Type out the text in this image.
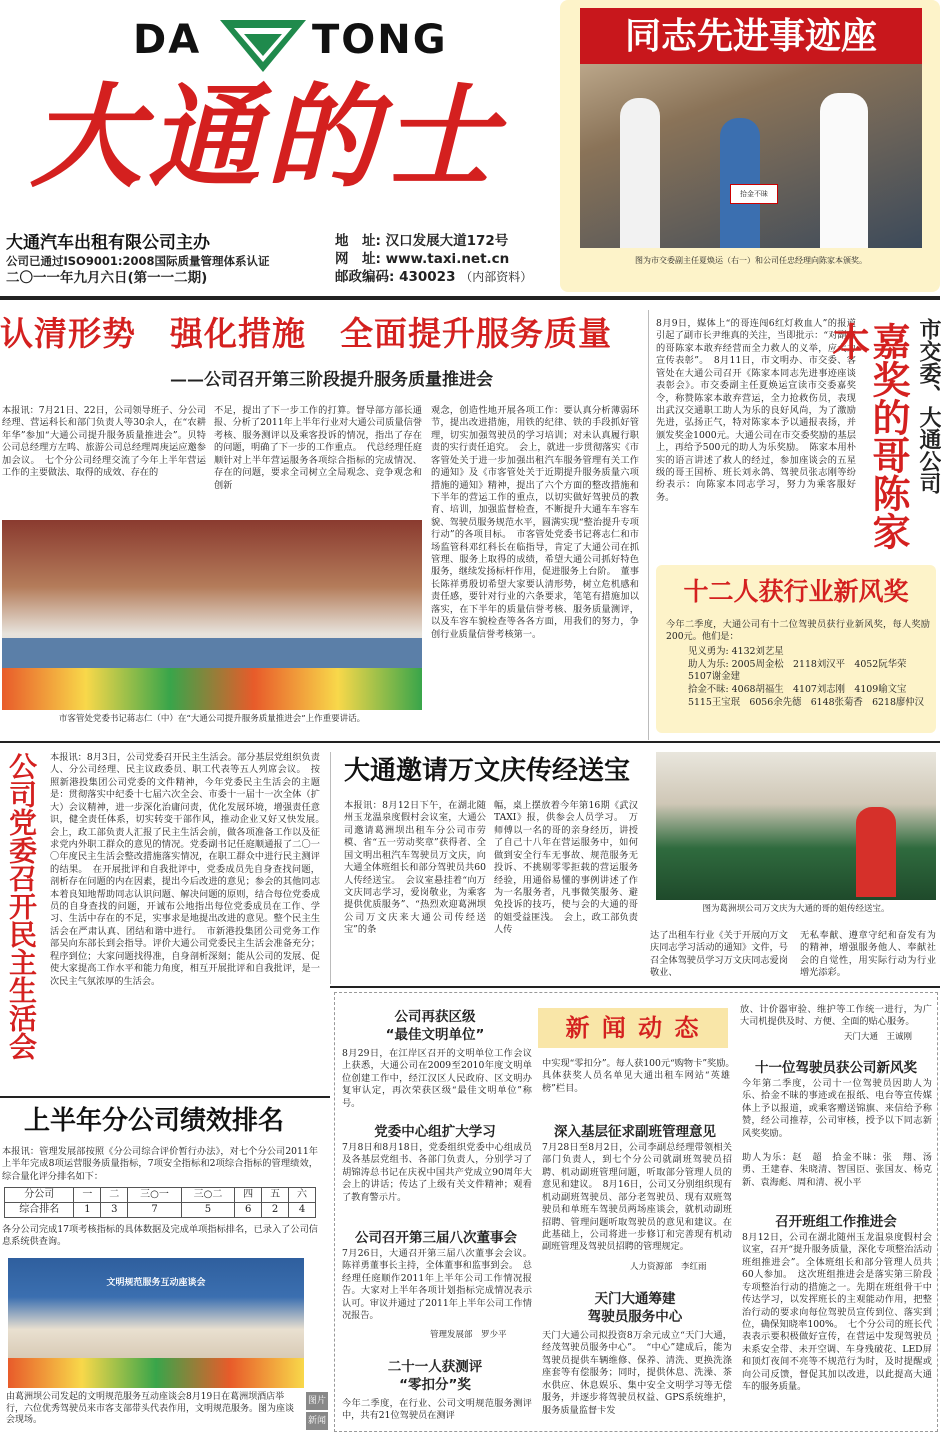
DA	TONG
大通的士
大通汽车出租有限公司主办
公司已通过ISO9001:2008国际质量管理体系认证
二〇一一年九月六日(第一一二期)
地　址: 汉口发展大道172号
网　址: www.taxi.net.cn
邮政编码: 430023 （内部资料）
同志先进事迹座
拾金不昧
图为市交委副主任夏焕运（右一）和公司任忠经理向陈家本颁奖。
认清形势　强化措施　全面提升服务质量
——公司召开第三阶段提升服务质量推进会
本报讯：7月21日、22日，公司领导班子、分公司经理、营运科长和部门负责人等30余人，在“农耕年华”参加“大通公司提升服务质量推进会”。贝特公司总经理方左鸣、旅游公司总经理周庚运应邀参加会议。　七个分公司经理交流了今年上半年营运工作的主要做法、取得的成效、存在的
不足，提出了下一步工作的打算。督导部方部长通报、分析了2011年上半年行业对大通公司质量信誉考核、服务测评以及乘客投诉的情况，指出了存在的问题，明确了下一步的工作重点。　代总经理任庭顺针对上半年营运服务各项综合指标的完成情况、存在的问题，要求全司树立全局观念、竞争观念和创新
观念，创造性地开展各项工作：要认真分析薄弱环节，提出改进措施，用铁的纪律、铁的手段抓好管理，切实加强驾驶员的学习培训；对未认真履行职责的实行责任追究。　会上，就进一步贯彻落实《市客管处关于进一步加强出租汽车服务管理有关工作的通知》及《市客管处关于近期提升服务质量六项措施的通知》精神，提出了六个方面的整改措施和下半年的营运工作的重点，以切实做好驾驶员的教育、培训，加强监督检查，不断提升大通车车容车貌、驾驶员服务规范水平，圆满实现“整治提升专项行动”的各项目标。　市客管处党委书记蒋志仁和市场监管科邓红科长在临指导，肯定了大通公司在抓管理、服务上取得的成绩，希望大通公司抓好特色服务，继续发扬标杆作用，促进服务上台阶。　董事长陈祥勇殷切希望大家要认清形势，树立危机感和责任感，要针对行业的六条要求，笔笔有措施加以落实，在下半年的质量信誉考核、服务质量测评，以及车容车貌检查等各各方面，用我们的努力，争创行业质量信誉考核第一。
市客管处党委书记蒋志仁（中）在“大通公司提升服务质量推进会”上作重要讲话。
8月9日，媒体上“的哥连闯6红灯救血人”的报道引起了副市长尹维真的关注，当即批示：“对副班的哥陈家本敢弃经营而全力救人的义举，应大力宣传表彰”。　8月11日，市文明办、市交委、客管处在大通公司召开《陈家本同志先进事迹座谈表彰会》。市交委副主任夏焕运宣读市交委嘉奖令，称赞陈家本敢弃营运，全力抢救伤员，表现出武汉交通职工助人为乐的良好风尚，为了激励先进，弘扬正气，特对陈家本予以通报表扬，并颁发奖金1000元。大通公司在市交委奖励的基层上，再给予500元的助人为乐奖励。　陈家本用朴实的语言讲述了救人的经过，参加座谈会的五星级的哥王国桥、班长刘永鸽、驾驶员张志刚等纷纷表示：向陈家本同志学习，努力为乘客服好务。	嘉奖的哥陈家本	市交委、大通公司
十二人获行业新风奖
今年二季度，大通公司有十二位驾驶员获行业新风奖，每人奖励200元。他们是：
见义勇为: 4132刘艺星
助人为乐: 2005周金松　2118刘汉平　4052阮华荣　5107谢金建
拾金不昧: 4068胡福生　4107刘志刚　4109喻文宝　5115王宝珉　6056余先德　6148张菊香　6218廖仲汉
公司党委召开民主生活会 本报讯：8月3日，公司党委召开民主生活会。部分基层党组织负责人、分公司经理、民主议政委员、职工代表等五人列席会议。　按照新港投集团公司党委的文件精神，今年党委民主生活会的主题是：贯彻落实中纪委十七届六次全会、市委十一届十一次全体（扩大）会议精神，进一步深化治庸问责，优化发展环境，增强责任意识，健全责任体系，切实转变干部作风，推动企业又好又快发展。　会上，政工部负责人汇报了民主生活会前，做各项准备工作以及征求党内外职工群众的意见的情况。党委副书记任庭顺通报了二〇一〇年度民主生活会整改措施落实情况，在职工群众中进行民主测评的结果。　在开展批评和自我批评中，党委成员先自身查找问题，剖析存在问题的内在因素，提出今后改进的意见；参会的其他同志本着良知地帮助同志认识问题、解决问题的原则，结合每位党委成员的自身查找的问题，开诚布公地指出每位党委成员在工作、学习、生活中存在的不足，实事求是地提出改进的意见。整个民主生活会在严肃认真、团结和谐中进行。　市新港投集团公司党务工作部吴向东部长到会指导。评价大通公司党委民主生活会准备充分；程序到位；大家问题找得准，自身剖析深刻；能从公司的发展、促使大家提高工作水平和能力角度，相互开展批评和自我批评，是一次民主气氛浓厚的生活会。
大通邀请万文庆传经送宝
本报讯：8月12日下午，在湖北随州玉龙温泉度假村会议室，大通公司邀请葛洲坝出租车分公司市劳模、省“五一劳动奖章”获得者、全国文明出租汽车驾驶员万文庆，向大通全体班组长和部分驾驶员共60人传经送宝。　会议室悬挂着“向万文庆同志学习，爱岗敬业，为乘客提供优质服务”、“热烈欢迎葛洲坝公司万文庆来大通公司传经送宝”的条
幅，桌上摆放着今年第16期《武汉TAXI》报，供参会人员学习。　万师傅以一名的哥的亲身经历，讲授了自己十八年在营运服务中，如何做到安全行车无事故、规范服务无投诉、不挑剔零零拒载的营运服务经验，用通俗易懂的事例讲述了作为一名服务者，凡事微笑服务、避免投诉的技巧，使与会的大通的哥的姐受益匪浅。　会上，政工部负责人传
图为葛洲坝公司万文庆为大通的哥的姐传经送宝。
达了出租车行业《关于开展向万文庆同志学习活动的通知》文件，号召全体驾驶员学习万文庆同志爱岗敬业、
无私奉献、遵章守纪和奋发有为的精神，增强服务他人、奉献社会的自觉性，用实际行动为行业增光添彩。
上半年分公司绩效排名
本报讯：管理发展部按照《分公司综合评价暂行办法》，对七个分公司2011年上半年完成8项运营服务质量指标，7项安全指标和2项综合指标的管理绩效，综合量化评分排名如下：
分公司	一	二	三○一	三○二	四	五	六
综合排名	1	3	7	5	6	2	4
各分公司完成17项考核指标的具体数据及完成单项指标排名，已录入了公司信息系统供查询。
文明规范服务互动座谈会
图片
新闻
由葛洲坝公司发起的文明规范服务互动座谈会8月19日在葛洲坝酒店举行，六位优秀驾驶员来市客支部带头代表作用，文明规范服务。图为座谈会现场。
公司再获区级
“最佳文明单位”
8月29日，在江岸区召开的文明单位工作会议上获悉，大通公司在2009至2010年度文明单位创建工作中，经江汉区人民政府、区文明办复审认定，再次荣获区级“最佳文明单位”称号。
党委中心组扩大学习
7月8日和8月18日，党委组织党委中心组成员及各基层党组书、各部门负责人，分别学习了胡锦涛总书记在庆祝中国共产党成立90周年大会上的讲话；传达了上级有关文件精神；观看了教育警示片。
公司召开第三届八次董事会
7月26日，大通召开第三届八次董事会会议。陈祥勇董事长主持，全体董事和监事到会。　总经理任庭顺作2011年上半年公司工作情况报告。大家对上半年各项计划指标完成情况表示认可。审议并通过了2011年上半年公司工作情况报告。
管理发展部　罗少平
二十一人获测评
“零扣分”奖
今年二季度，在行业、公司文明规范服务测评中，共有21位驾驶员在测评
新 闻 动 态
中实现“零扣分”。每人获100元“购物卡”奖励。　具体获奖人员名单见大通出租车网站“英雄榜”栏目。
深入基层征求副班管理意见
7月28日至8月2日，公司李副总经理带领相关部门负责人，到七个分公司就副班驾驶员招聘、机动副班管理问题，听取部分管理人员的意见和建议。　8月16日，公司又分别组织现有机动副班驾驶员、部分老驾驶员、现有双班驾驶员和单班车驾驶员两场座谈会，就机动副班招聘、管理问题听取驾驶员的意见和建议。在此基础上，公司将进一步修订和完善现有机动副班管理及驾驶员招聘的管理规定。
人力资源部　李红雨
天门大通筹建
驾驶员服务中心
天门大通公司拟投资8万余元成立“天门大通，经茂驾驶员服务中心”。　“中心”建成后，能为驾驶员提供车辆维修、保养、清洗、更换洗涤座套等有偿服务；同时，提供休息、洗澡、茶水供应、休息娱乐、集中安全文明学习等无偿服务，并逐步将驾驶员权益、GPS系统维护，服务质量监督卡发
放、计价器审验、维护等工作统一进行，为广大司机提供及时、方便、全面的贴心服务。
天门大通　王诚刚
十一位驾驶员获公司新风奖
今年第二季度，公司十一位驾驶员因助人为乐、拾金不昧的事迹或在报纸、电台等宣传媒体上予以报道，或乘客赠送锦旗、来信给予称赞，经公司推荐，公司审核，授予以下同志新风奖奖励。
助人为乐：赵　超　拾金不昧：张　翔、汤　勇、王建春、朱晓清、智国臣、张国友、杨克新、袁海彪、周和清、祝小平
召开班组工作推进会
8月12日，公司在湖北随州玉龙温泉度假村会议室，召开“提升服务质量，深化专项整治活动班组推进会”。全体班组长和部分管理人员共60人参加。　这次班组推进会是落实第三阶段专项整治行动的措施之一。先期在班组骨干中传达学习，以发挥班长的主观能动作用，把整治行动的要求向每位驾驶员宣传到位、落实到位，确保知晓率100%。　七个分公司的班长代表表示要积极做好宣传，在营运中发现驾驶员未系安全带、未开空调、车身残破花、LED屏和顶灯夜间不亮等不规范行为时，及时提醒或向公司反馈，督促其加以改进，以此提高大通车的服务质量。
